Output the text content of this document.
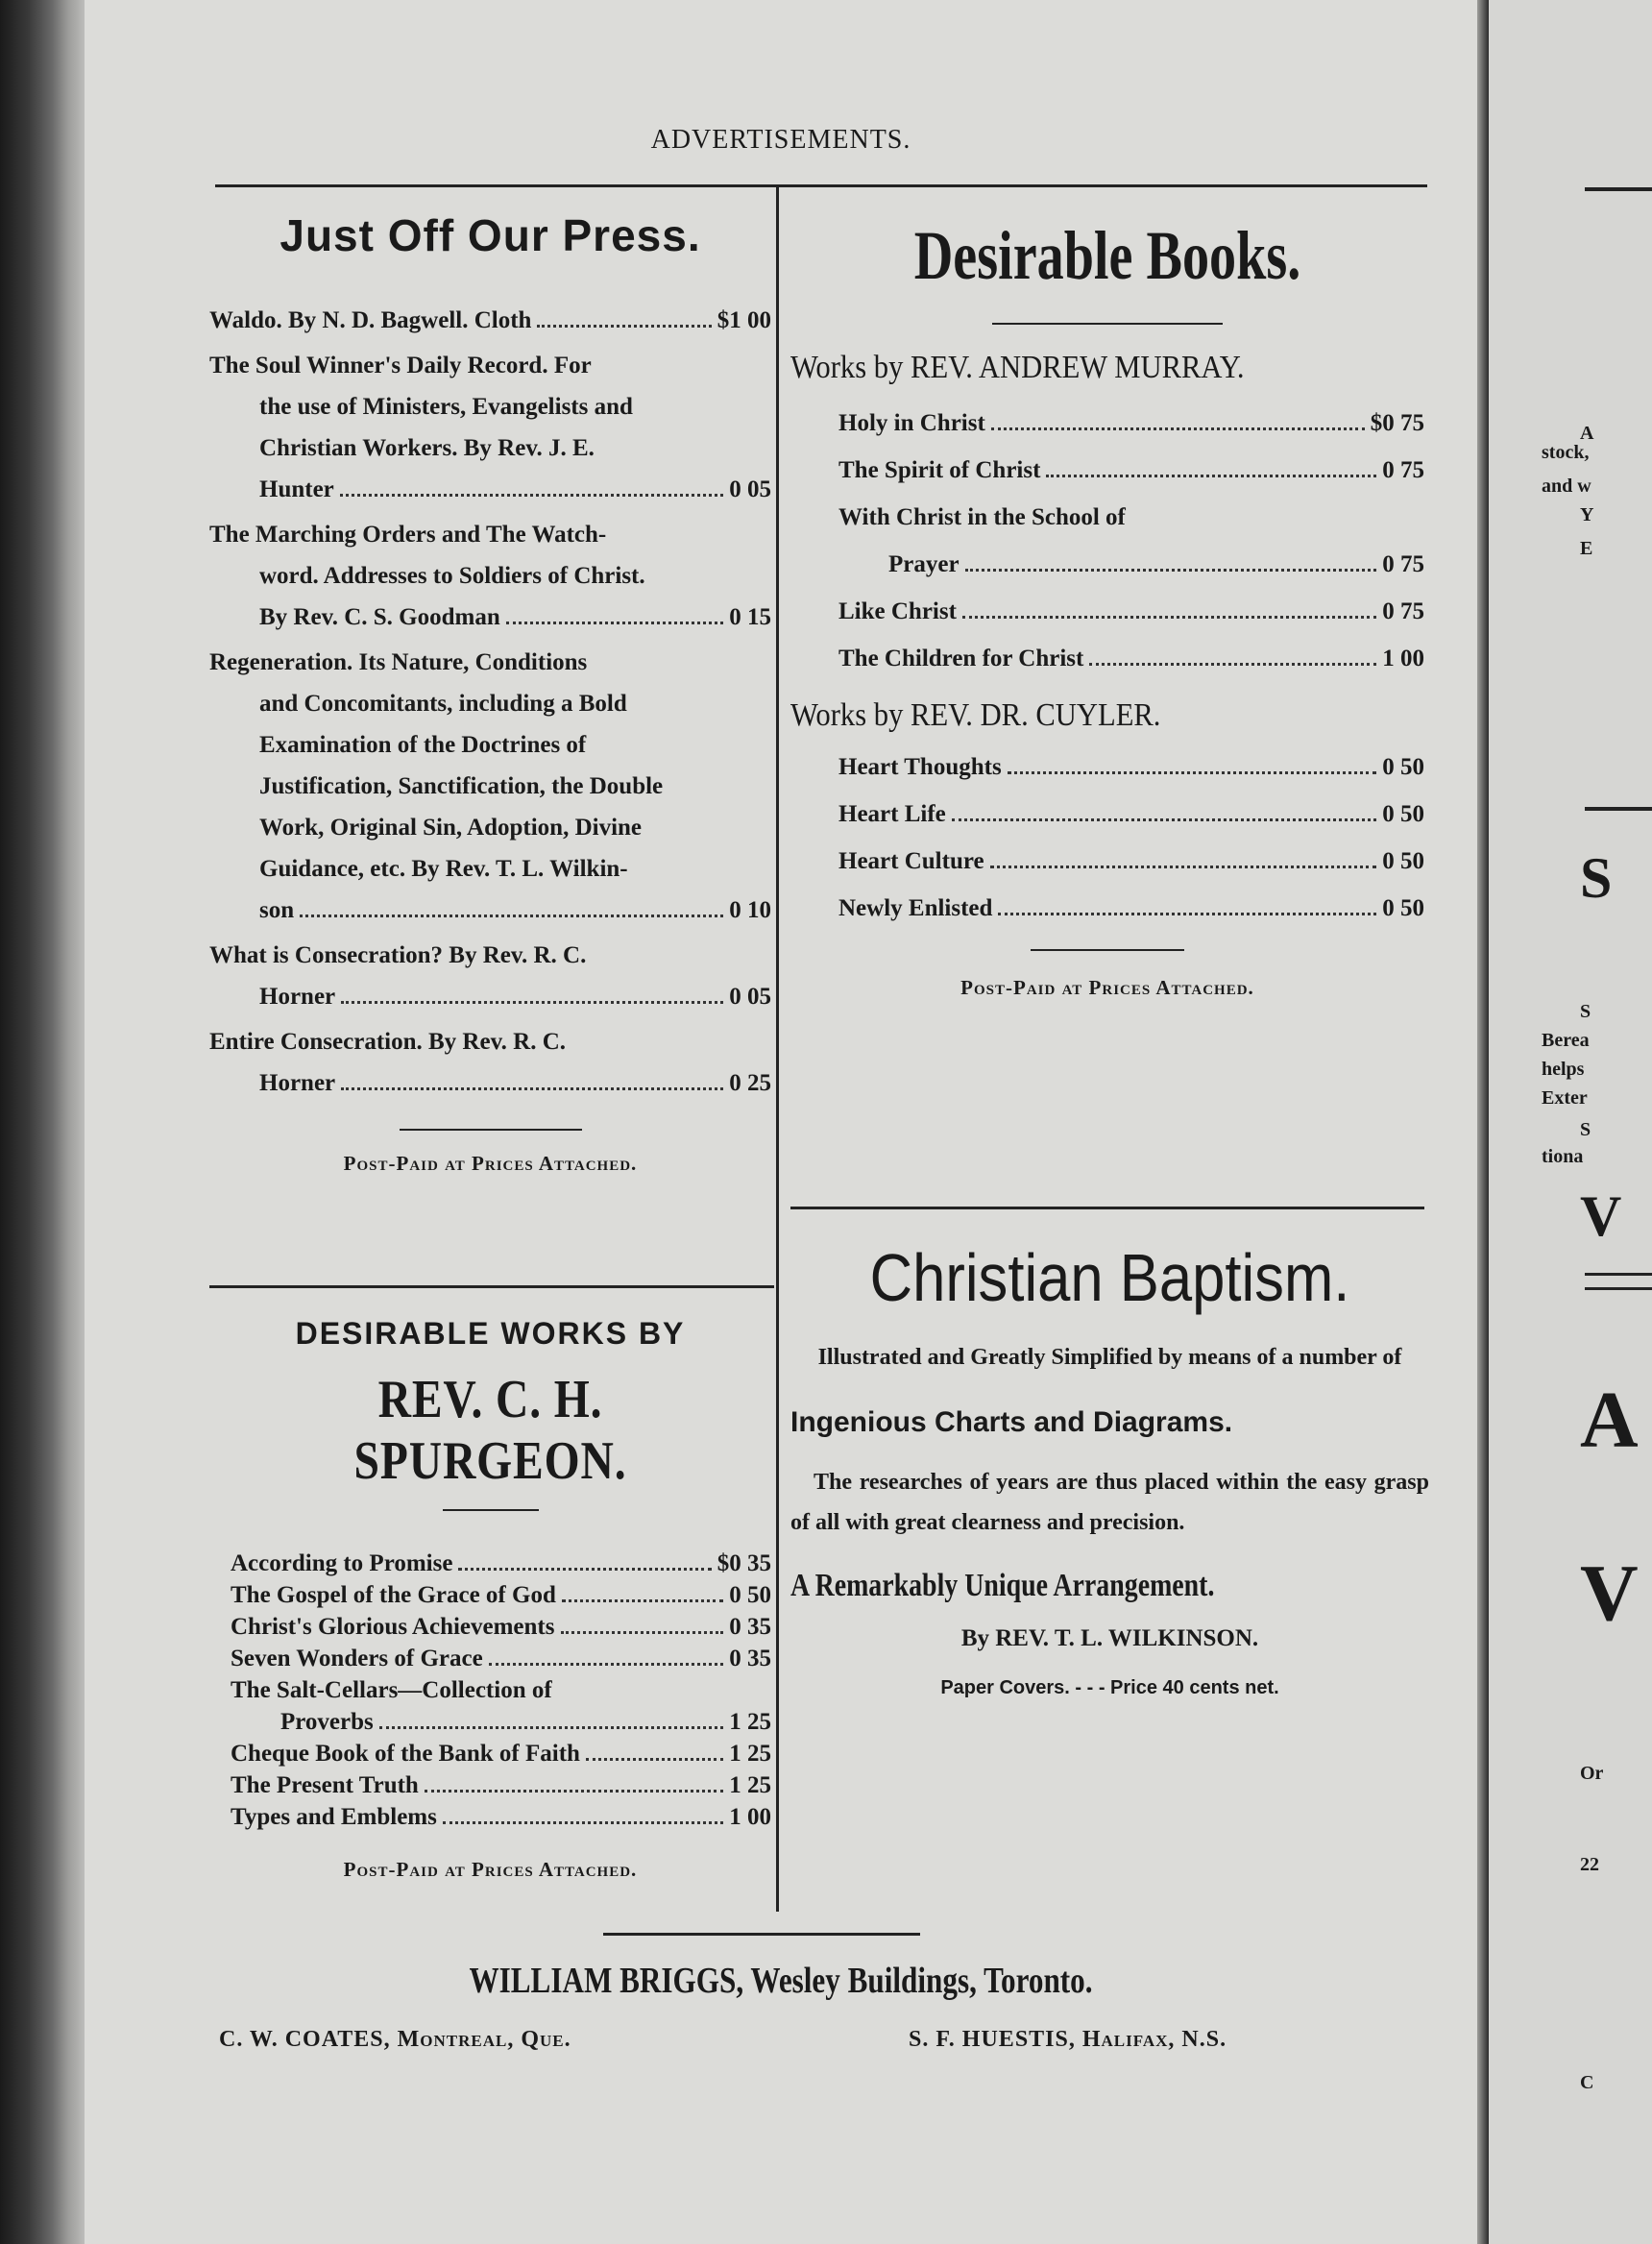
ADVERTISEMENTS.
Just Off Our Press.
Waldo. By N. D. Bagwell. Cloth	$1 00
The Soul Winner's Daily Record. For
the use of Ministers, Evangelists and
Christian Workers. By Rev. J. E.
Hunter	0 05
The Marching Orders and The Watch-
word. Addresses to Soldiers of Christ.
By Rev. C. S. Goodman	0 15
Regeneration. Its Nature, Conditions
and Concomitants, including a Bold
Examination of the Doctrines of
Justification, Sanctification, the Double
Work, Original Sin, Adoption, Divine
Guidance, etc. By Rev. T. L. Wilkin-
son	0 10
What is Consecration? By Rev. R. C.
Horner	0 05
Entire Consecration. By Rev. R. C.
Horner	0 25
Post-Paid at Prices Attached.
DESIRABLE WORKS BY
REV. C. H. SPURGEON.
According to Promise	$0 35
The Gospel of the Grace of God	0 50
Christ's Glorious Achievements	0 35
Seven Wonders of Grace	0 35
The Salt-Cellars—Collection of
Proverbs	1 25
Cheque Book of the Bank of Faith	1 25
The Present Truth	1 25
Types and Emblems	1 00
Post-Paid at Prices Attached.
Desirable Books.
Works by REV. ANDREW MURRAY.
Holy in Christ	$0 75
The Spirit of Christ	0 75
With Christ in the School of
Prayer	0 75
Like Christ	0 75
The Children for Christ	1 00
Works by REV. DR. CUYLER.
Heart Thoughts	0 50
Heart Life	0 50
Heart Culture	0 50
Newly Enlisted	0 50
Post-Paid at Prices Attached.
Christian Baptism.
Illustrated and Greatly Simplified by means of a number of
Ingenious Charts and Diagrams.
The researches of years are thus placed within the easy grasp of all with great clearness and precision.
A Remarkably Unique Arrangement.
By REV. T. L. WILKINSON.
Paper Covers. - - - Price 40 cents net.
WILLIAM BRIGGS, Wesley Buildings, Toronto.
C. W. COATES, Montreal, Que.	S. F. HUESTIS, Halifax, N.S.
A
stock,
and w
Y
E
S
S
Berea
helps
Exter
S
tiona
V
A
V
Or
22
C
